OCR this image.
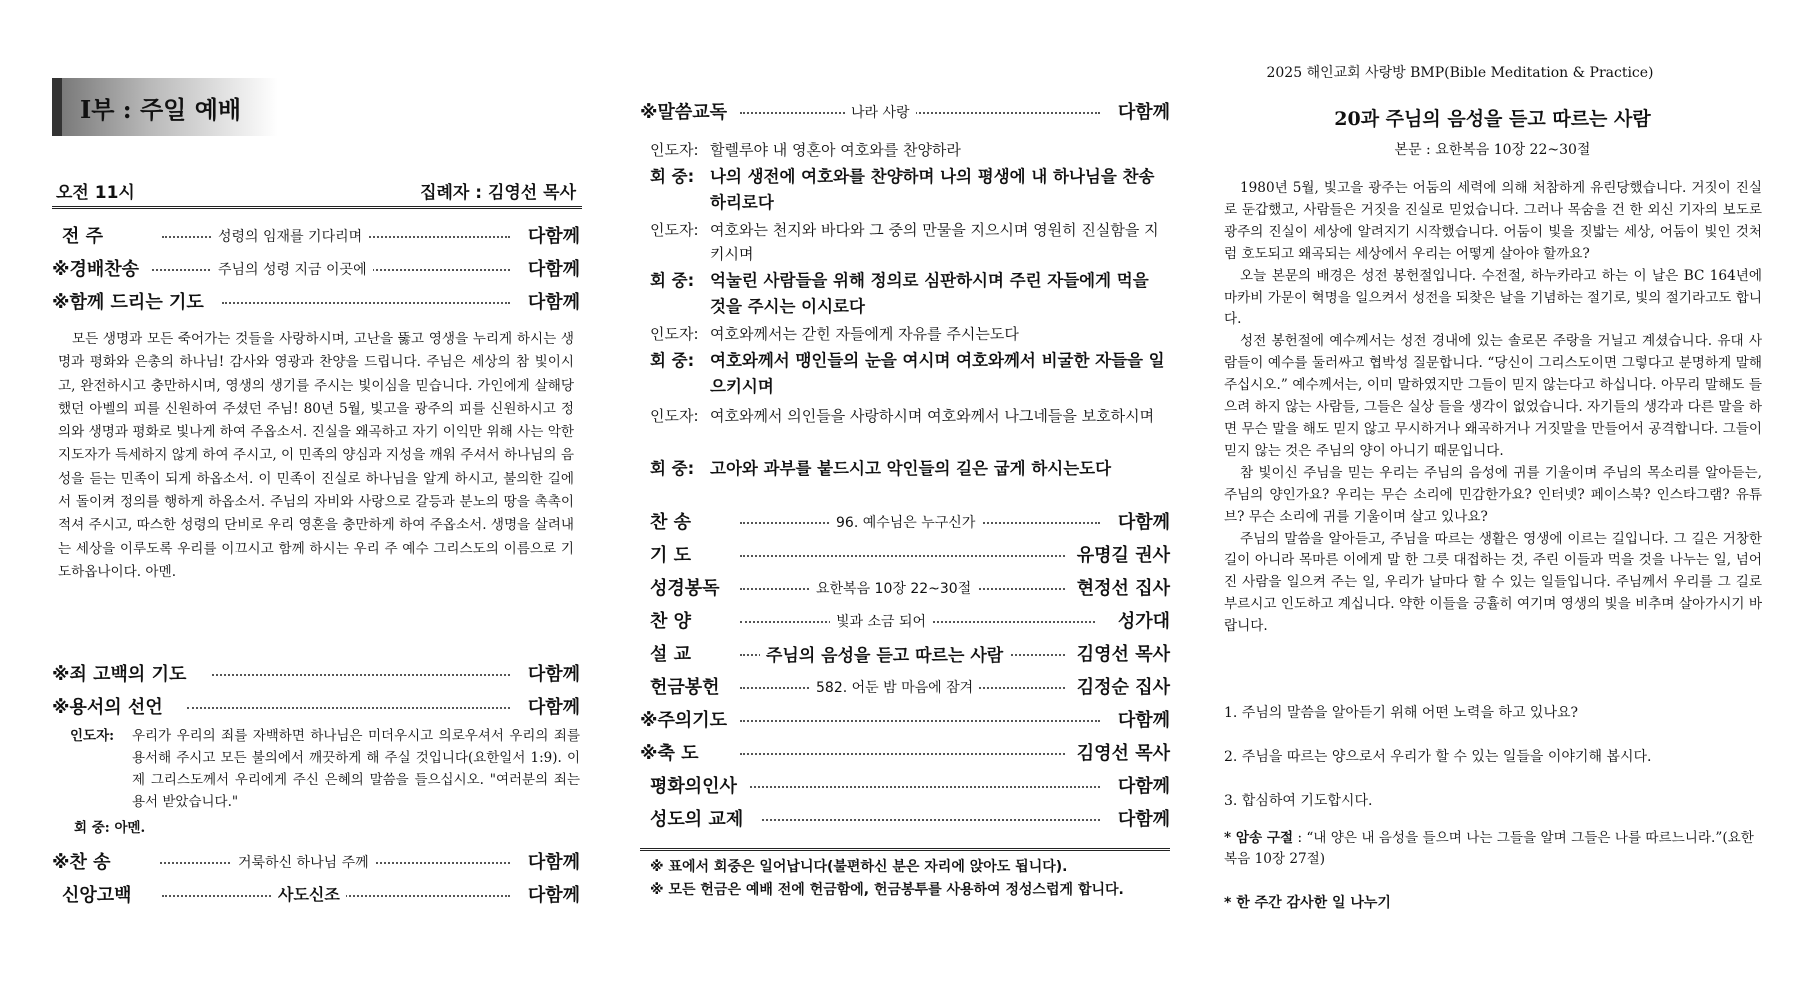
I부 : 주일 예배
오전 11시	집례자 : 김영선 목사
전 주	성령의 임재를 기다리며	다함께
※경배찬송	주님의 성령 지금 이곳에	다함께
※함께 드리는 기도	다함께
모든 생명과 모든 죽어가는 것들을 사랑하시며, 고난을 뚫고 영생을 누리게 하시는 생명과 평화와 은총의 하나님! 감사와 영광과 찬양을 드립니다. 주님은 세상의 참 빛이시고, 완전하시고 충만하시며, 영생의 생기를 주시는 빛이심을 믿습니다. 가인에게 살해당했던 아벨의 피를 신원하여 주셨던 주님! 80년 5월, 빛고을 광주의 피를 신원하시고 정의와 생명과 평화로 빛나게 하여 주옵소서. 진실을 왜곡하고 자기 이익만 위해 사는 악한 지도자가 득세하지 않게 하여 주시고, 이 민족의 양심과 지성을 깨워 주셔서 하나님의 음성을 듣는 민족이 되게 하옵소서. 이 민족이 진실로 하나님을 알게 하시고, 불의한 길에서 돌이켜 정의를 행하게 하옵소서. 주님의 자비와 사랑으로 갈등과 분노의 땅을 촉촉이 적셔 주시고, 따스한 성령의 단비로 우리 영혼을 충만하게 하여 주옵소서. 생명을 살려내는 세상을 이루도록 우리를 이끄시고 함께 하시는 우리 주 예수 그리스도의 이름으로 기도하옵나이다. 아멘.
※죄 고백의 기도	다함께
※용서의 선언	다함께
인도자: 우리가 우리의 죄를 자백하면 하나님은 미더우시고 의로우셔서 우리의 죄를 용서해 주시고 모든 불의에서 깨끗하게 해 주실 것입니다(요한일서 1:9). 이제 그리스도께서 우리에게 주신 은혜의 말씀을 들으십시오. "여러분의 죄는 용서 받았습니다."
회 중: 아멘.
※찬 송	거룩하신 하나님 주께	다함께
신앙고백	사도신조	다함께
※말씀교독	나라 사랑	다함께
인도자: 할렐루야 내 영혼아 여호와를 찬양하라
회 중: 나의 생전에 여호와를 찬양하며 나의 평생에 내 하나님을 찬송하리로다
인도자: 여호와는 천지와 바다와 그 중의 만물을 지으시며 영원히 진실함을 지키시며
회 중: 억눌린 사람들을 위해 정의로 심판하시며 주린 자들에게 먹을 것을 주시는 이시로다
인도자: 여호와께서는 갇힌 자들에게 자유를 주시는도다
회 중: 여호와께서 맹인들의 눈을 여시며 여호와께서 비굴한 자들을 일으키시며
인도자: 여호와께서 의인들을 사랑하시며 여호와께서 나그네들을 보호하시며
회 중: 고아와 과부를 붙드시고 악인들의 길은 굽게 하시는도다
찬 송	96. 예수님은 누구신가	다함께
기 도	유명길 권사
성경봉독	요한복음 10장 22~30절	현정선 집사
찬 양	빛과 소금 되어	성가대
설 교	주님의 음성을 듣고 따르는 사람	김영선 목사
헌금봉헌	582. 어둔 밤 마음에 잠겨	김정순 집사
※주의기도	다함께
※축 도	김영선 목사
평화의인사	다함께
성도의 교제	다함께
※ 표에서 회중은 일어납니다(불편하신 분은 자리에 앉아도 됩니다).
※ 모든 헌금은 예배 전에 헌금함에, 헌금봉투를 사용하여 정성스럽게 합니다.
2025 해인교회 사랑방 BMP(Bible Meditation & Practice)
20과 주님의 음성을 듣고 따르는 사람
본문 : 요한복음 10장 22~30절

1980년 5월, 빛고을 광주는 어둠의 세력에 의해 처참하게 유린당했습니다. 거짓이 진실로 둔갑했고, 사람들은 거짓을 진실로 믿었습니다. 그러나 목숨을 건 한 외신 기자의 보도로 광주의 진실이 세상에 알려지기 시작했습니다. 어둠이 빛을 짓밟는 세상, 어둠이 빛인 것처럼 호도되고 왜곡되는 세상에서 우리는 어떻게 살아야 할까요?

오늘 본문의 배경은 성전 봉헌절입니다. 수전절, 하누카라고 하는 이 날은 BC 164년에 마카비 가문이 혁명을 일으켜서 성전을 되찾은 날을 기념하는 절기로, 빛의 절기라고도 합니다.

성전 봉헌절에 예수께서는 성전 경내에 있는 솔로몬 주랑을 거닐고 계셨습니다. 유대 사람들이 예수를 둘러싸고 협박성 질문합니다. “당신이 그리스도이면 그렇다고 분명하게 말해 주십시오.” 예수께서는, 이미 말하였지만 그들이 믿지 않는다고 하십니다. 아무리 말해도 들으려 하지 않는 사람들, 그들은 실상 들을 생각이 없었습니다. 자기들의 생각과 다른 말을 하면 무슨 말을 해도 믿지 않고 무시하거나 왜곡하거나 거짓말을 만들어서 공격합니다. 그들이 믿지 않는 것은 주님의 양이 아니기 때문입니다.

참 빛이신 주님을 믿는 우리는 주님의 음성에 귀를 기울이며 주님의 목소리를 알아듣는, 주님의 양인가요? 우리는 무슨 소리에 민감한가요? 인터넷? 페이스북? 인스타그램? 유튜브? 무슨 소리에 귀를 기울이며 살고 있나요?

주님의 말씀을 알아듣고, 주님을 따르는 생활은 영생에 이르는 길입니다. 그 길은 거창한 길이 아니라 목마른 이에게 말 한 그릇 대접하는 것, 주린 이들과 먹을 것을 나누는 일, 넘어진 사람을 일으켜 주는 일, 우리가 날마다 할 수 있는 일들입니다. 주님께서 우리를 그 길로 부르시고 인도하고 계십니다. 약한 이들을 긍휼히 여기며 영생의 빛을 비추며 살아가시기 바랍니다.

1. 주님의 말씀을 알아듣기 위해 어떤 노력을 하고 있나요?
2. 주님을 따르는 양으로서 우리가 할 수 있는 일들을 이야기해 봅시다.
3. 합심하여 기도합시다.
* 암송 구절 : “내 양은 내 음성을 들으며 나는 그들을 알며 그들은 나를 따르느니라.”(요한복음 10장 27절)
* 한 주간 감사한 일 나누기
